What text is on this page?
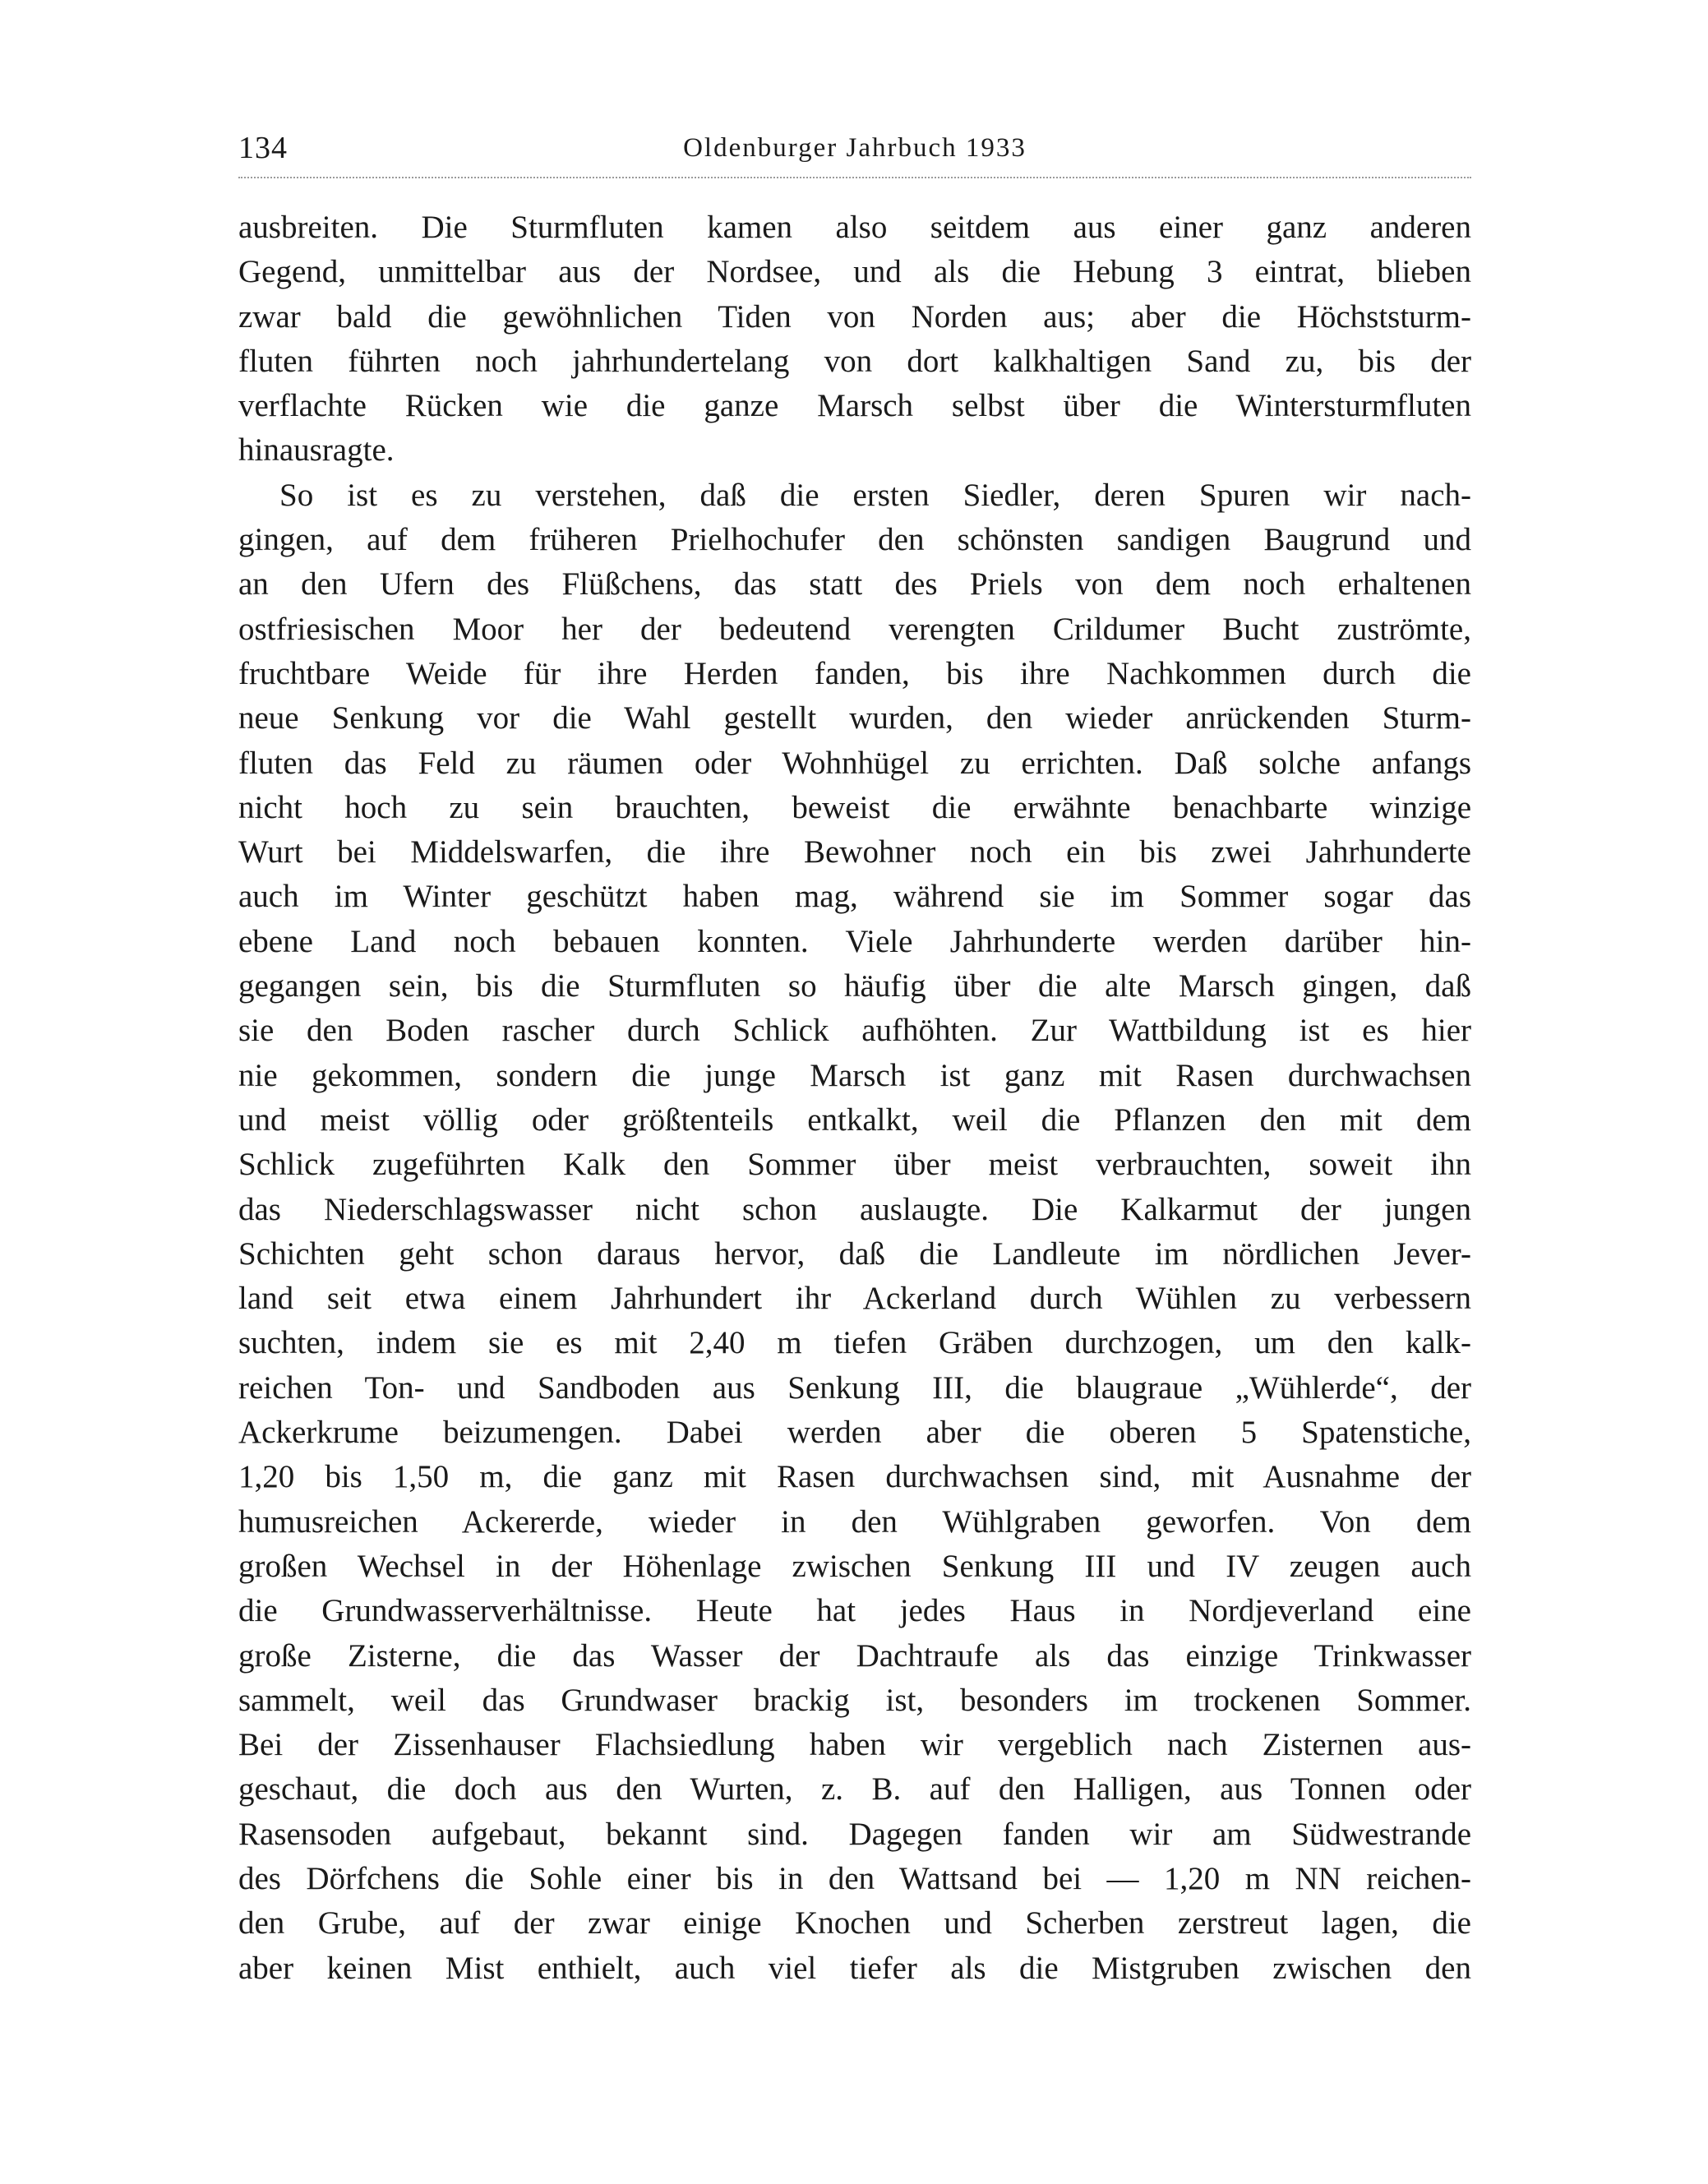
134	Oldenburger Jahrbuch 1933
ausbreiten. Die Sturmfluten kamen also seitdem aus einer ganz anderen
Gegend, unmittelbar aus der Nordsee, und als die Hebung 3 eintrat, blieben
zwar bald die gewöhnlichen Tiden von Norden aus; aber die Höchststurm-
fluten führten noch jahrhundertelang von dort kalkhaltigen Sand zu, bis der
verflachte Rücken wie die ganze Marsch selbst über die Wintersturmfluten
hinausragte.
So ist es zu verstehen, daß die ersten Siedler, deren Spuren wir nach-
gingen, auf dem früheren Prielhochufer den schönsten sandigen Baugrund und
an den Ufern des Flüßchens, das statt des Priels von dem noch erhaltenen
ostfriesischen Moor her der bedeutend verengten Crildumer Bucht zuströmte,
fruchtbare Weide für ihre Herden fanden, bis ihre Nachkommen durch die
neue Senkung vor die Wahl gestellt wurden, den wieder anrückenden Sturm-
fluten das Feld zu räumen oder Wohnhügel zu errichten. Daß solche anfangs
nicht hoch zu sein brauchten, beweist die erwähnte benachbarte winzige
Wurt bei Middelswarfen, die ihre Bewohner noch ein bis zwei Jahrhunderte
auch im Winter geschützt haben mag, während sie im Sommer sogar das
ebene Land noch bebauen konnten. Viele Jahrhunderte werden darüber hin-
gegangen sein, bis die Sturmfluten so häufig über die alte Marsch gingen, daß
sie den Boden rascher durch Schlick aufhöhten. Zur Wattbildung ist es hier
nie gekommen, sondern die junge Marsch ist ganz mit Rasen durchwachsen
und meist völlig oder größtenteils entkalkt, weil die Pflanzen den mit dem
Schlick zugeführten Kalk den Sommer über meist verbrauchten, soweit ihn
das Niederschlagswasser nicht schon auslaugte. Die Kalkarmut der jungen
Schichten geht schon daraus hervor, daß die Landleute im nördlichen Jever-
land seit etwa einem Jahrhundert ihr Ackerland durch Wühlen zu verbessern
suchten, indem sie es mit 2,40 m tiefen Gräben durchzogen, um den kalk-
reichen Ton- und Sandboden aus Senkung III, die blaugraue „Wühlerde“, der
Ackerkrume beizumengen. Dabei werden aber die oberen 5 Spatenstiche,
1,20 bis 1,50 m, die ganz mit Rasen durchwachsen sind, mit Ausnahme der
humusreichen Ackererde, wieder in den Wühlgraben geworfen. Von dem
großen Wechsel in der Höhenlage zwischen Senkung III und IV zeugen auch
die Grundwasserverhältnisse. Heute hat jedes Haus in Nordjeverland eine
große Zisterne, die das Wasser der Dachtraufe als das einzige Trinkwasser
sammelt, weil das Grundwaser brackig ist, besonders im trockenen Sommer.
Bei der Zissenhauser Flachsiedlung haben wir vergeblich nach Zisternen aus-
geschaut, die doch aus den Wurten, z. B. auf den Halligen, aus Tonnen oder
Rasensoden aufgebaut, bekannt sind. Dagegen fanden wir am Südwestrande
des Dörfchens die Sohle einer bis in den Wattsand bei — 1,20 m NN reichen-
den Grube, auf der zwar einige Knochen und Scherben zerstreut lagen, die
aber keinen Mist enthielt, auch viel tiefer als die Mistgruben zwischen den
